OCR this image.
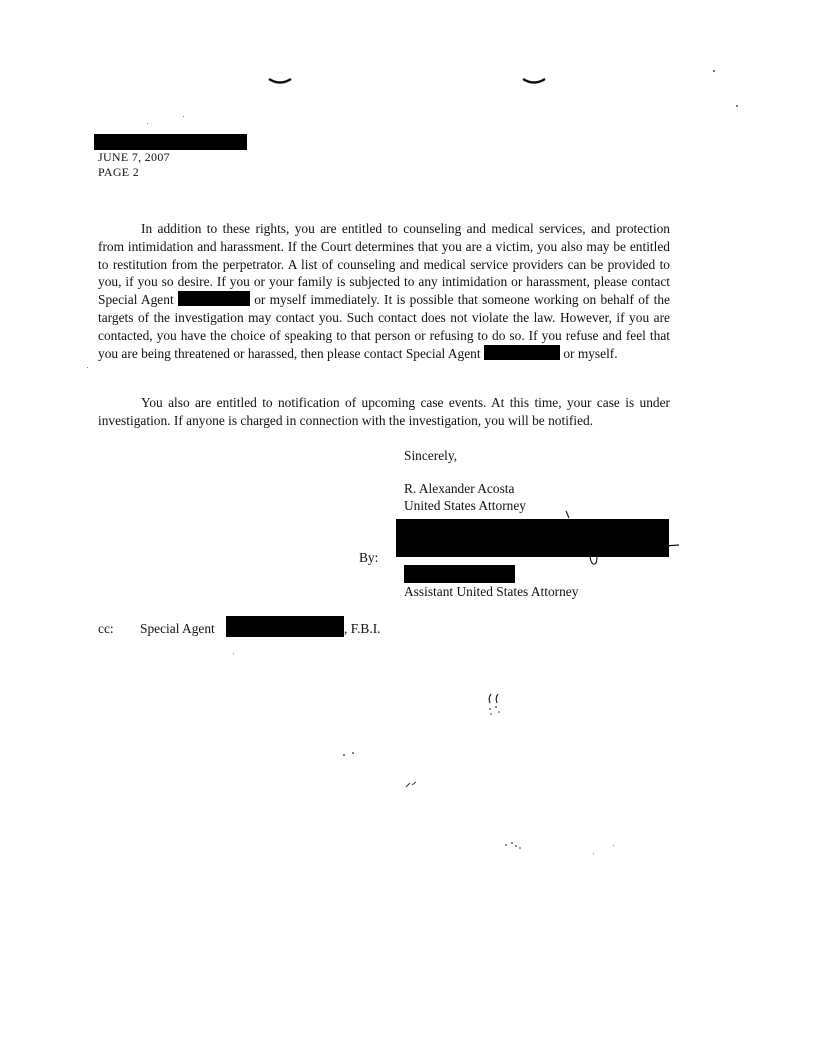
JUNE 7, 2007
PAGE 2
In addition to these rights, you are entitled to counseling and medical services, and protection from intimidation and harassment. If the Court determines that you are a victim, you also may be entitled to restitution from the perpetrator. A list of counseling and medical service providers can be provided to you, if you so desire. If you or your family is subjected to any intimidation or harassment, please contact Special Agent	or myself immediately. It is possible that someone working on behalf of the targets of the investigation may contact you. Such contact does not violate the law. However, if you are contacted, you have the choice of speaking to that person or refusing to do so. If you refuse and feel that you are being threatened or harassed, then please contact Special Agent	or myself.
You also are entitled to notification of upcoming case events. At this time, your case is under investigation. If anyone is charged in connection with the investigation, you will be notified.
Sincerely,
R. Alexander Acosta
United States Attorney
By:
Assistant United States Attorney
cc: Special Agent	, F.B.I.
